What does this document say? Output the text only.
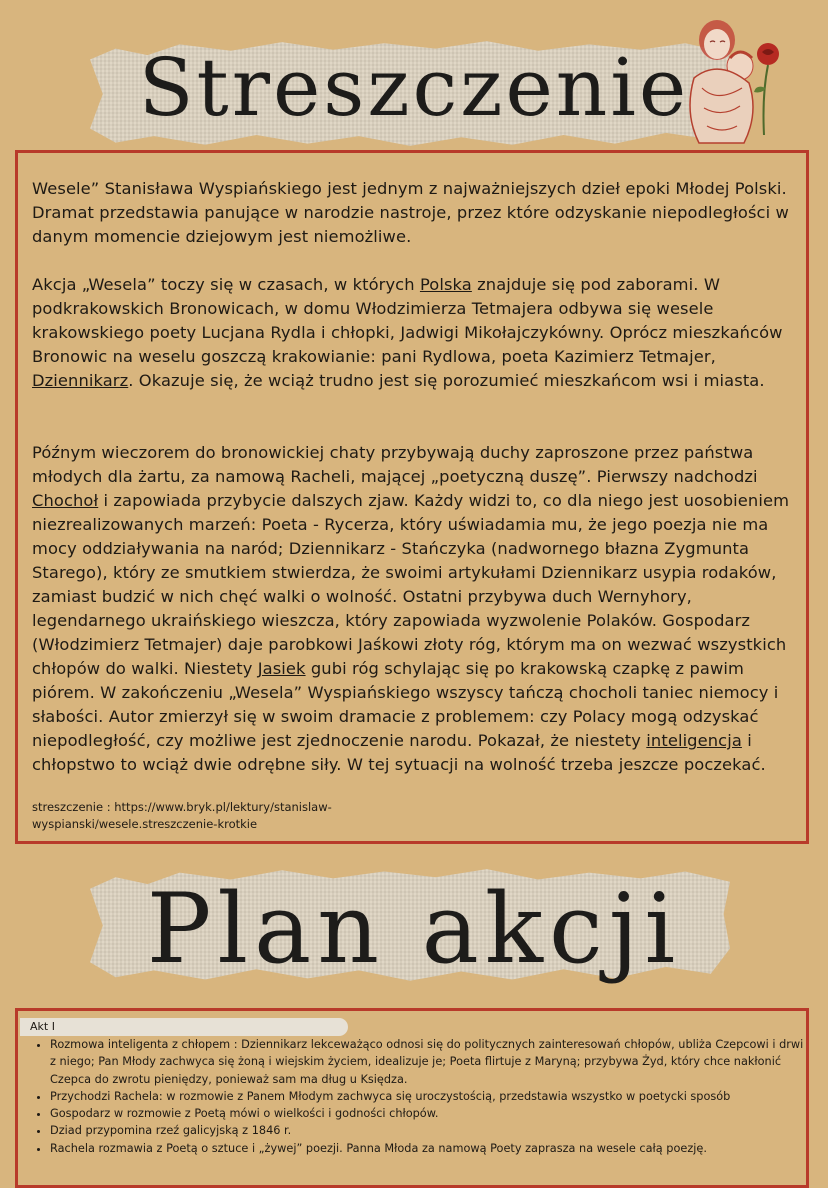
Streszczenie

Wesele” Stanisława Wyspiańskiego jest jednym z najważniejszych dzieł epoki Młodej Polski. Dramat przedstawia panujące w narodzie nastroje, przez które odzyskanie niepodległości w danym momencie dziejowym jest niemożliwe.

Akcja „Wesela” toczy się w czasach, w których Polska znajduje się pod zaborami. W podkrakowskich Bronowicach, w domu Włodzimierza Tetmajera odbywa się wesele krakowskiego poety Lucjana Rydla i chłopki, Jadwigi Mikołajczykówny. Oprócz mieszkańców Bronowic na weselu goszczą krakowianie: pani Rydlowa, poeta Kazimierz Tetmajer, Dziennikarz. Okazuje się, że wciąż trudno jest się porozumieć mieszkańcom wsi i miasta.

Późnym wieczorem do bronowickiej chaty przybywają duchy zaproszone przez państwa młodych dla żartu, za namową Racheli, mającej „poetyczną duszę”. Pierwszy nadchodzi Chochoł i zapowiada przybycie dalszych zjaw. Każdy widzi to, co dla niego jest uosobieniem niezrealizowanych marzeń: Poeta - Rycerza, który uświadamia mu, że jego poezja nie ma mocy oddziaływania na naród; Dziennikarz - Stańczyka (nadwornego błazna Zygmunta Starego), który ze smutkiem stwierdza, że swoimi artykułami Dziennikarz usypia rodaków, zamiast budzić w nich chęć walki o wolność. Ostatni przybywa duch Wernyhory, legendarnego ukraińskiego wieszcza, który zapowiada wyzwolenie Polaków. Gospodarz (Włodzimierz Tetmajer) daje parobkowi Jaśkowi złoty róg, którym ma on wezwać wszystkich chłopów do walki. Niestety Jasiek gubi róg schylając się po krakowską czapkę z pawim piórem. W zakończeniu „Wesela” Wyspiańskiego wszyscy tańczą chocholi taniec niemocy i słabości. Autor zmierzył się w swoim dramacie z problemem: czy Polacy mogą odzyskać niepodległość, czy możliwe jest zjednoczenie narodu. Pokazał, że niestety inteligencja i chłopstwo to wciąż dwie odrębne siły. W tej sytuacji na wolność trzeba jeszcze poczekać.

streszczenie : https://www.bryk.pl/lektury/stanislaw-wyspianski/wesele.streszczenie-krotkie

Plan akcji
Akt I
• Rozmowa inteligenta z chłopem : Dziennikarz lekceważąco odnosi się do politycznych zainteresowań chłopów, ubliża Czepcowi i drwi z niego; Pan Młody zachwyca się żoną i wiejskim życiem, idealizuje je; Poeta flirtuje z Maryną; przybywa Żyd, który chce nakłonić Czepca do zwrotu pieniędzy, ponieważ sam ma dług u Księdza.
• Przychodzi Rachela: w rozmowie z Panem Młodym zachwyca się uroczystością, przedstawia wszystko w poetycki sposób
• Gospodarz w rozmowie z Poetą mówi o wielkości i godności chłopów.
• Dziad przypomina rzeź galicyjską z 1846 r.
• Rachela rozmawia z Poetą o sztuce i „żywej” poezji. Panna Młoda za namową Poety zaprasza na wesele całą poezję.
